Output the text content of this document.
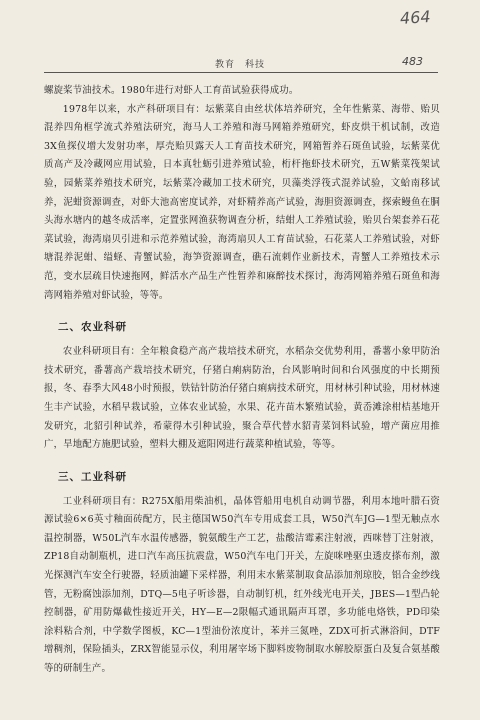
464
教育　科技	483

螺旋桨节油技术。1980年进行对虾人工育苗试验获得成功。

1978年以来，水产科研项目有：坛紫菜自由丝状体培养研究，全年性紫菜、海带、贻贝混养四角框学流式养殖法研究，海马人工养殖和海马网箱养殖研究，虾皮烘干机试制，改造3X鱼探仪增大发射功率，厚壳贻贝露天人工育苗技术研究，网箱暂养石斑鱼试验，坛紫菜优质高产及冷藏网应用试验，日本真牡蛎引进养殖试验，桁杆拖虾技术研究，五W紫菜筏架试验，园紫菜养殖技术研究，坛紫菜冷藏加工技术研究，贝藻类浮筏式混养试验，文蛤南移试养，泥蚶资源调查，对虾大池高密度试养，对虾精养高产试验，海胆资源调查，探索鳗鱼在胴头海水塘内的越冬成活率，定置张网渔获物调查分析，结蚶人工养殖试验，贻贝台架套养石花菜试验，海湾扇贝引进和示范养殖试验，海湾扇贝人工育苗试验，石花菜人工养殖试验，对虾塘混养泥蚶、缢蛏、青蟹试验，海笋资源调查，礁石流刺作业新技术，青蟹人工养殖技术示范，变水层疏目快速拖网，鲜活水产品生产性暂养和麻醉技术探讨，海湾网箱养殖石斑鱼和海湾网箱养殖对虾试验，等等。

二、农业科研

农业科研项目有：全年粮食稳产高产栽培技术研究，水稻杂交优势利用，番薯小象甲防治技术研究，番薯高产栽培技术研究，仔猪白痢病防治，台风影响时间和台风强度的中长期预报，冬、春季大风48小时预报，铁钴针防治仔猪白痢病技术研究，用材林引种试验，用材林速生丰产试验，水稻早栽试验，立体农业试验，水果、花卉苗木繁殖试验，黄岙滩涂柑桔基地开发研究，北貂引种试养，希蒙得木引种试验，聚合草代替水貂青菜饲料试验，增产菌应用推广，旱地配方施肥试验，塑料大棚及遮阳网进行蔬菜种植试验，等等。

三、工业科研

工业科研项目有：R275X船用柴油机，晶体管船用电机自动调节器，利用本地叶腊石资源试验6×6英寸釉面砖配方，民主德国W50汽车专用成套工具，W50汽车JG—1型无触点水温控制器，W50L汽车水温传感器，貌氨酸生产工艺，盐酸洁霉素注射液，西咪替丁注射液，ZP18自动制瓶机，进口汽车高压抗震盘，W50汽车电门开关，左旋咪唑驱虫透皮搽布剂，激光探测汽车安全行驶器，轻质油罐下采样器，利用末水紫菜制取食品添加剂琼胶，铝合金纱线管，无粉腐蚀添加剂，DTQ—5电子听诊器，自动制钉机，红外线光电开关，JBES—1型凸轮控制器，矿用防爆截性接近开关，HY—E—2限幅式通讯隔声耳罩，多功能电烙铁，PD印染涂料粘合剂，中学数学图板，KC—1型油份浓度计，苯并三氮唑，ZDX可折式淋浴间，DTF增稠剂，保险插头，ZRX智能显示仪，利用屠宰场下脚料废物制取水解胶原蛋白及复合氨基酸等的研制生产。
